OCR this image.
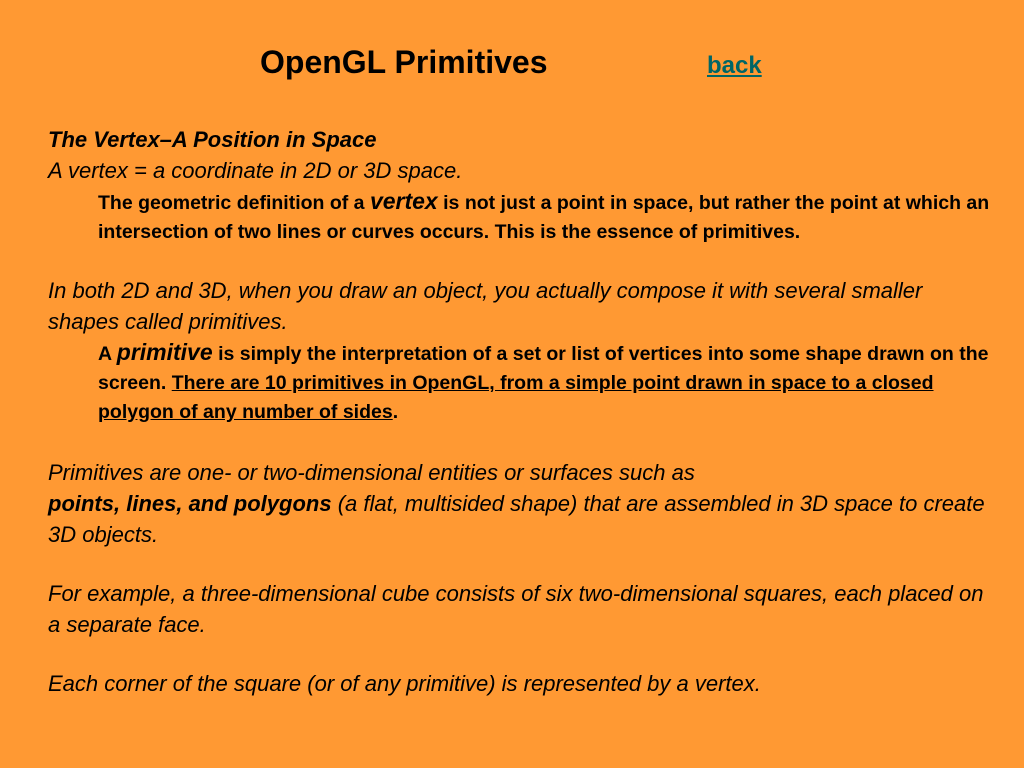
OpenGL Primitives	back
The Vertex–A Position in Space
A vertex = a coordinate in 2D or 3D space.
The geometric definition of a vertex is not just a point in space, but rather the point at which an intersection of two lines or curves occurs. This is the essence of primitives.
In both 2D and 3D, when you draw an object, you actually compose it with several smaller shapes called primitives.
A primitive is simply the interpretation of a set or list of vertices into some shape drawn on the screen. There are 10 primitives in OpenGL, from a simple point drawn in space to a closed polygon of any number of sides.
Primitives are one- or two-dimensional entities or surfaces such as
points, lines, and polygons (a flat, multisided shape) that are assembled in 3D space to create 3D objects.
For example, a three-dimensional cube consists of six two-dimensional squares, each placed on a separate face.
Each corner of the square (or of any primitive) is represented by a vertex.
